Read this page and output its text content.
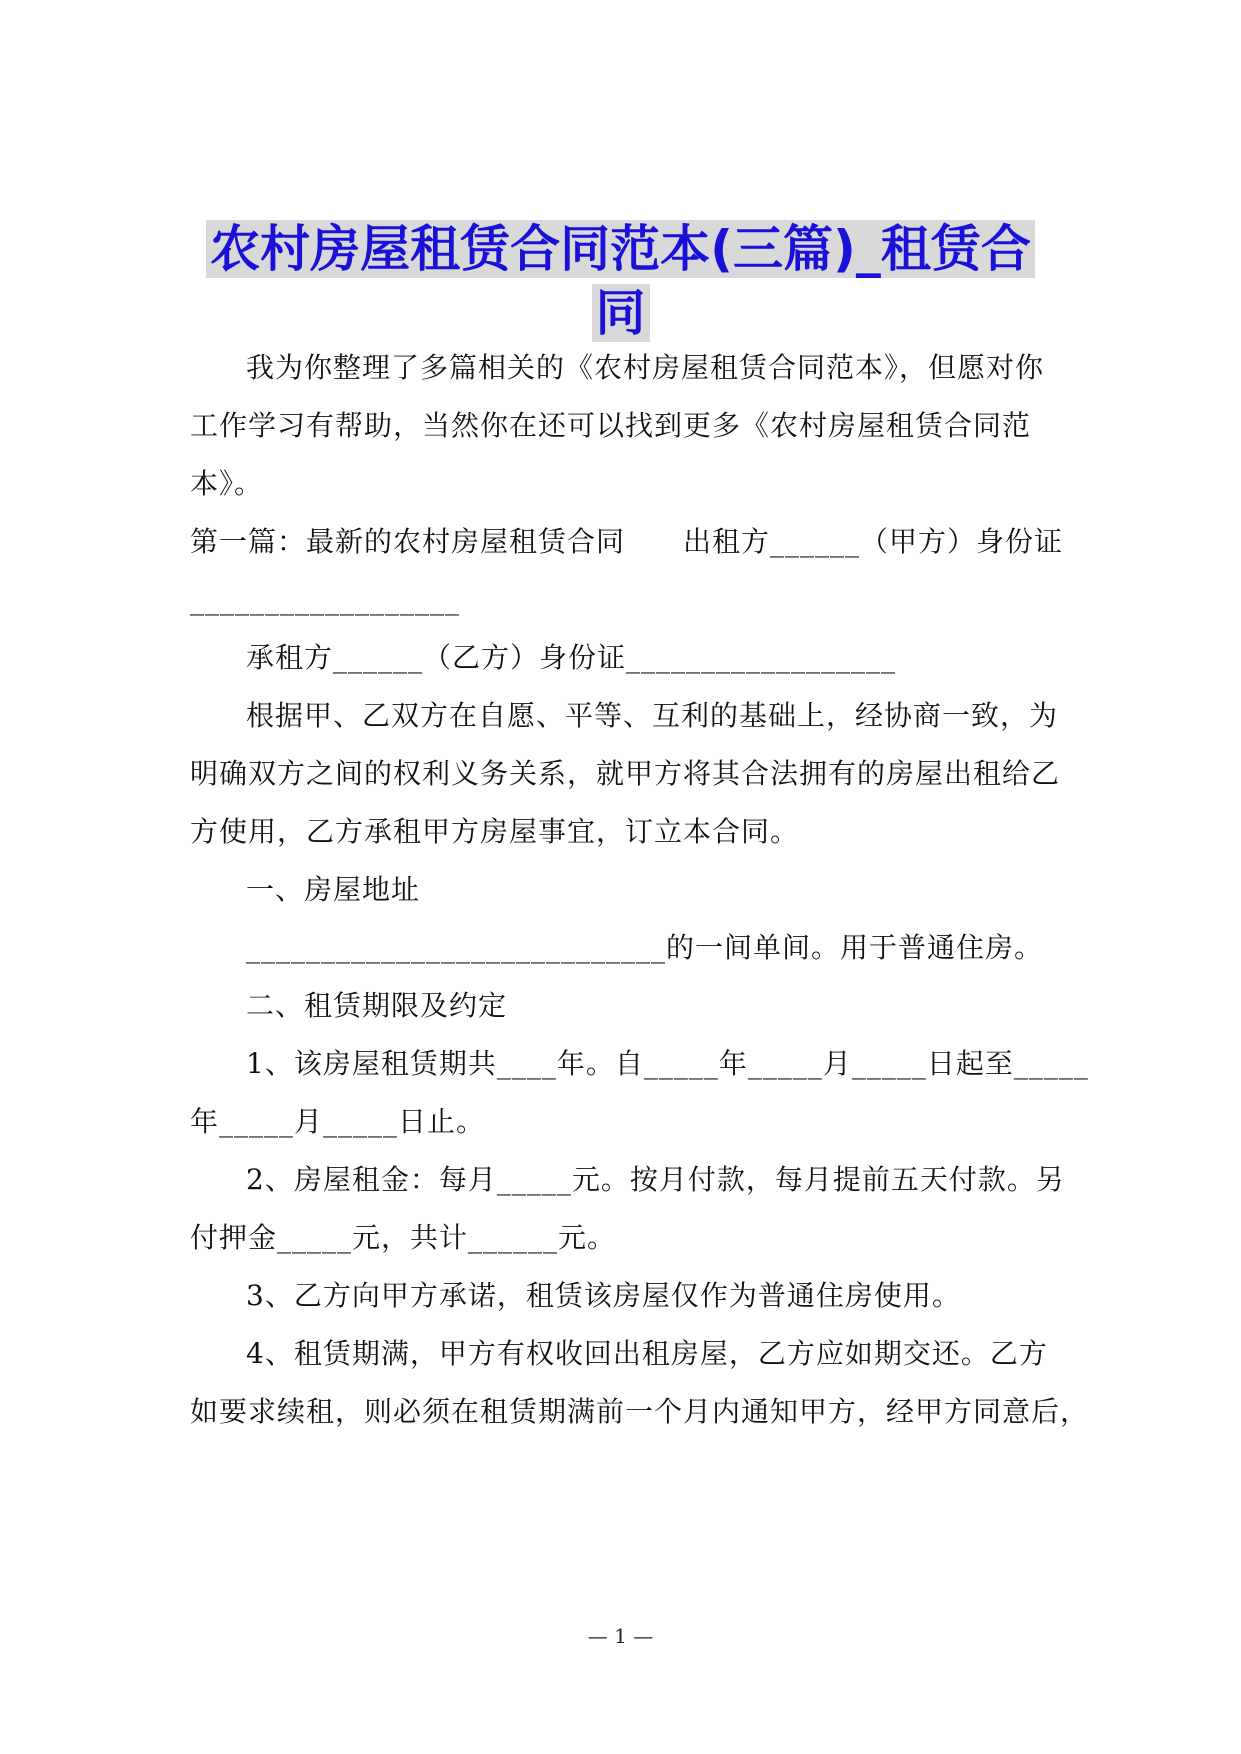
农村房屋租赁合同范本(三篇)_租赁合
同
我为你整理了多篇相关的《农村房屋租赁合同范本》，但愿对你
工作学习有帮助，当然你在还可以找到更多《农村房屋租赁合同范
本》。
第一篇：最新的农村房屋租赁合同　　出租方______（甲方）身份证
__________________
承租方______（乙方）身份证__________________
根据甲、乙双方在自愿、平等、互利的基础上，经协商一致，为
明确双方之间的权利义务关系，就甲方将其合法拥有的房屋出租给乙
方使用，乙方承租甲方房屋事宜，订立本合同。
一、房屋地址
____________________________的一间单间。用于普通住房。
二、租赁期限及约定
1、该房屋租赁期共____年。自_____年_____月_____日起至_____
年_____月_____日止。
2、房屋租金：每月_____元。按月付款，每月提前五天付款。另
付押金_____元，共计______元。
3、乙方向甲方承诺，租赁该房屋仅作为普通住房使用。
4、租赁期满，甲方有权收回出租房屋，乙方应如期交还。乙方
如要求续租，则必须在租赁期满前一个月内通知甲方，经甲方同意后，
— 1 —
